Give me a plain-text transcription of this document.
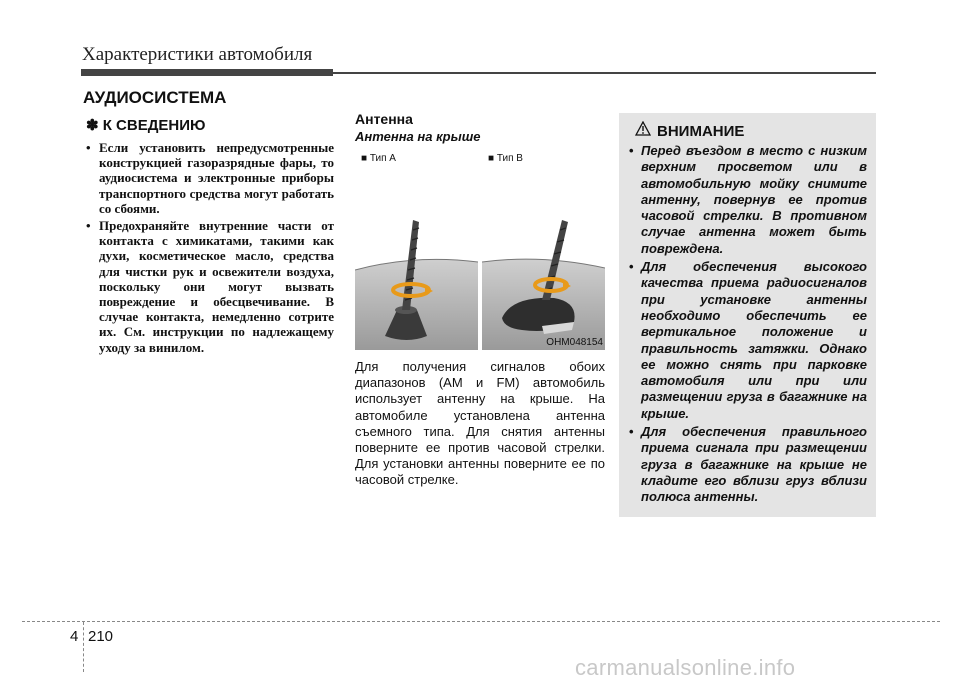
Характеристики автомобиля
АУДИОСИСТЕМА
✽ К СВЕДЕНИЮ
• Если установить непредусмотренные конструкцией газоразрядные фары, то аудиосистема и электронные приборы транспортного средства могут работать со сбоями.
• Предохраняйте внутренние части от контакта с химикатами, такими как духи, косметическое масло, средства для чистки рук и освежители воздуха, поскольку они могут вызвать повреждение и обесцвечивание. В случае контакта, немедленно сотрите их. См. инструкции по надлежащему уходу за винилом.
Антенна
Антенна на крыше
■ Тип A	■ Тип B
OHM048154

Для получения сигналов обоих диапазонов (AM и FM) автомобиль использует антенну на крыше. На автомобиле установлена антенна съемного типа. Для снятия антенны поверните ее против часовой стрелки. Для установки антенны поверните ее по часовой стрелке.

ВНИМАНИЕ
• Перед въездом в место с низким верхним просветом или в автомобильную мойку снимите антенну, повернув ее против часовой стрелки. В противном случае антенна может быть повреждена.
• Для обеспечения высокого качества приема радиосигналов при установке антенны необходимо обеспечить ее вертикальное положение и правильность затяжки. Однако ее можно снять при парковке автомобиля или при или размещении груза в багажнике на крыше.
• Для обеспечения правильного приема сигнала при размещении груза в багажнике на крыше не кладите его вблизи груз вблизи полюса антенны.
4 210
carmanualsonline.info
